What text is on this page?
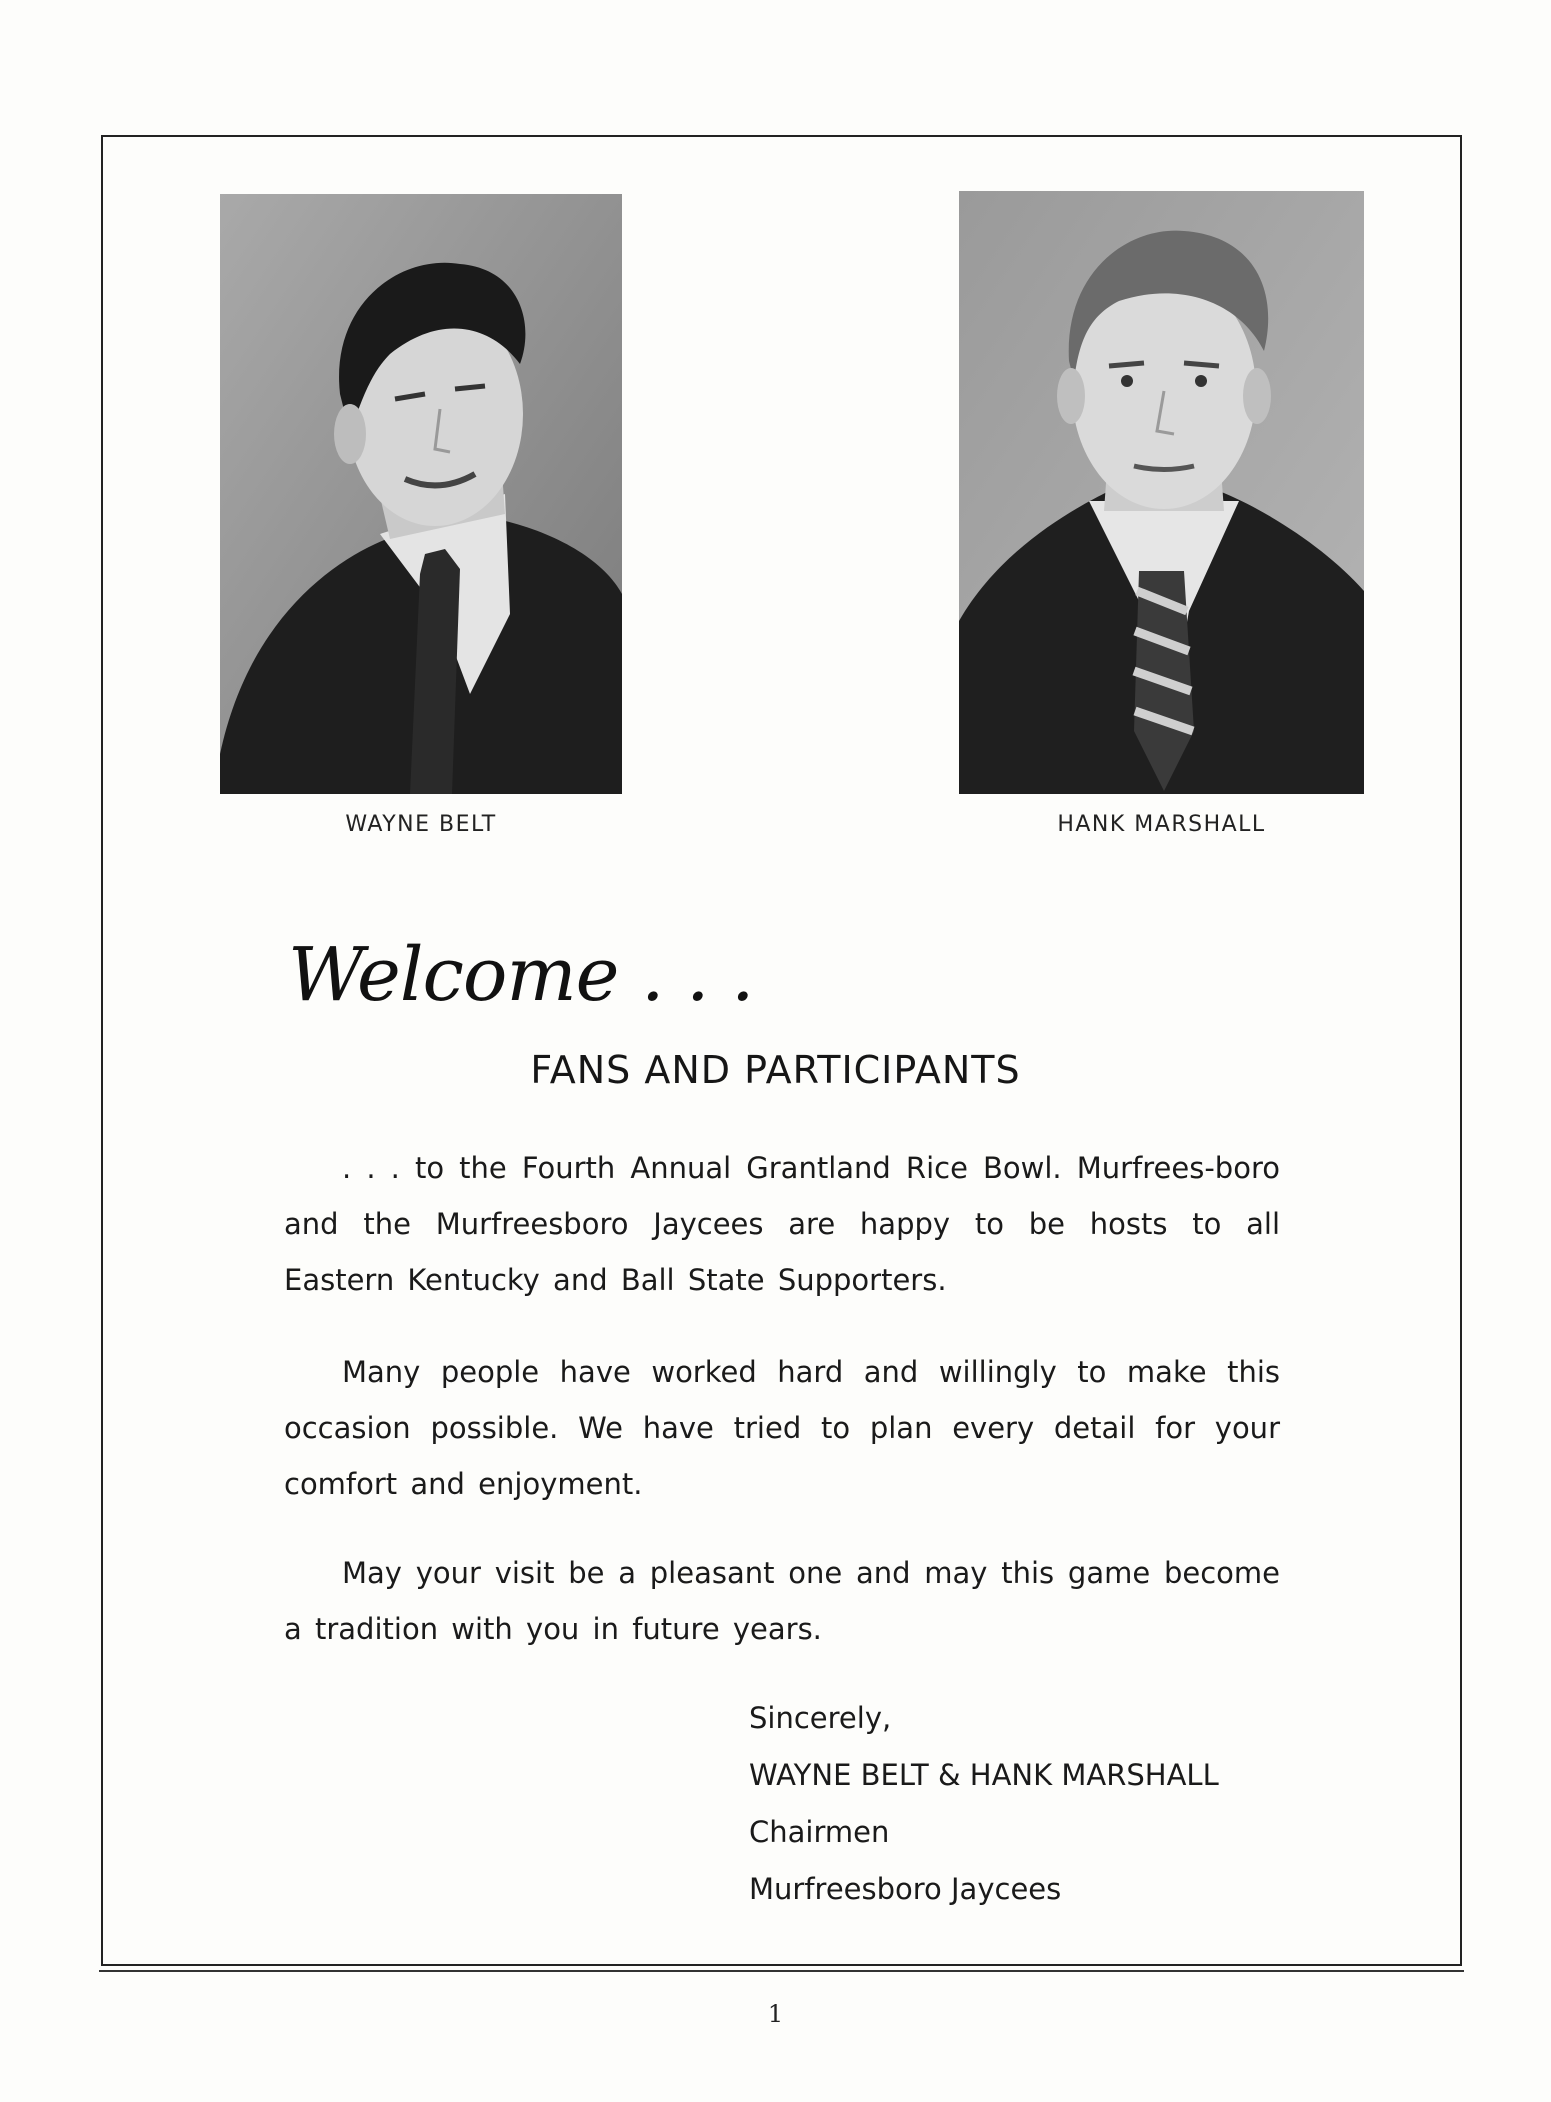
WAYNE BELT	HANK MARSHALL
Welcome . . .
FANS AND PARTICIPANTS

. . . to the Fourth Annual Grantland Rice Bowl. Murfrees-boro and the Murfreesboro Jaycees are happy to be hosts to all Eastern Kentucky and Ball State Supporters.

Many people have worked hard and willingly to make this occasion possible. We have tried to plan every detail for your comfort and enjoyment.

May your visit be a pleasant one and may this game become a tradition with you in future years.

Sincerely,
WAYNE BELT & HANK MARSHALL
Chairmen
Murfreesboro Jaycees
1
